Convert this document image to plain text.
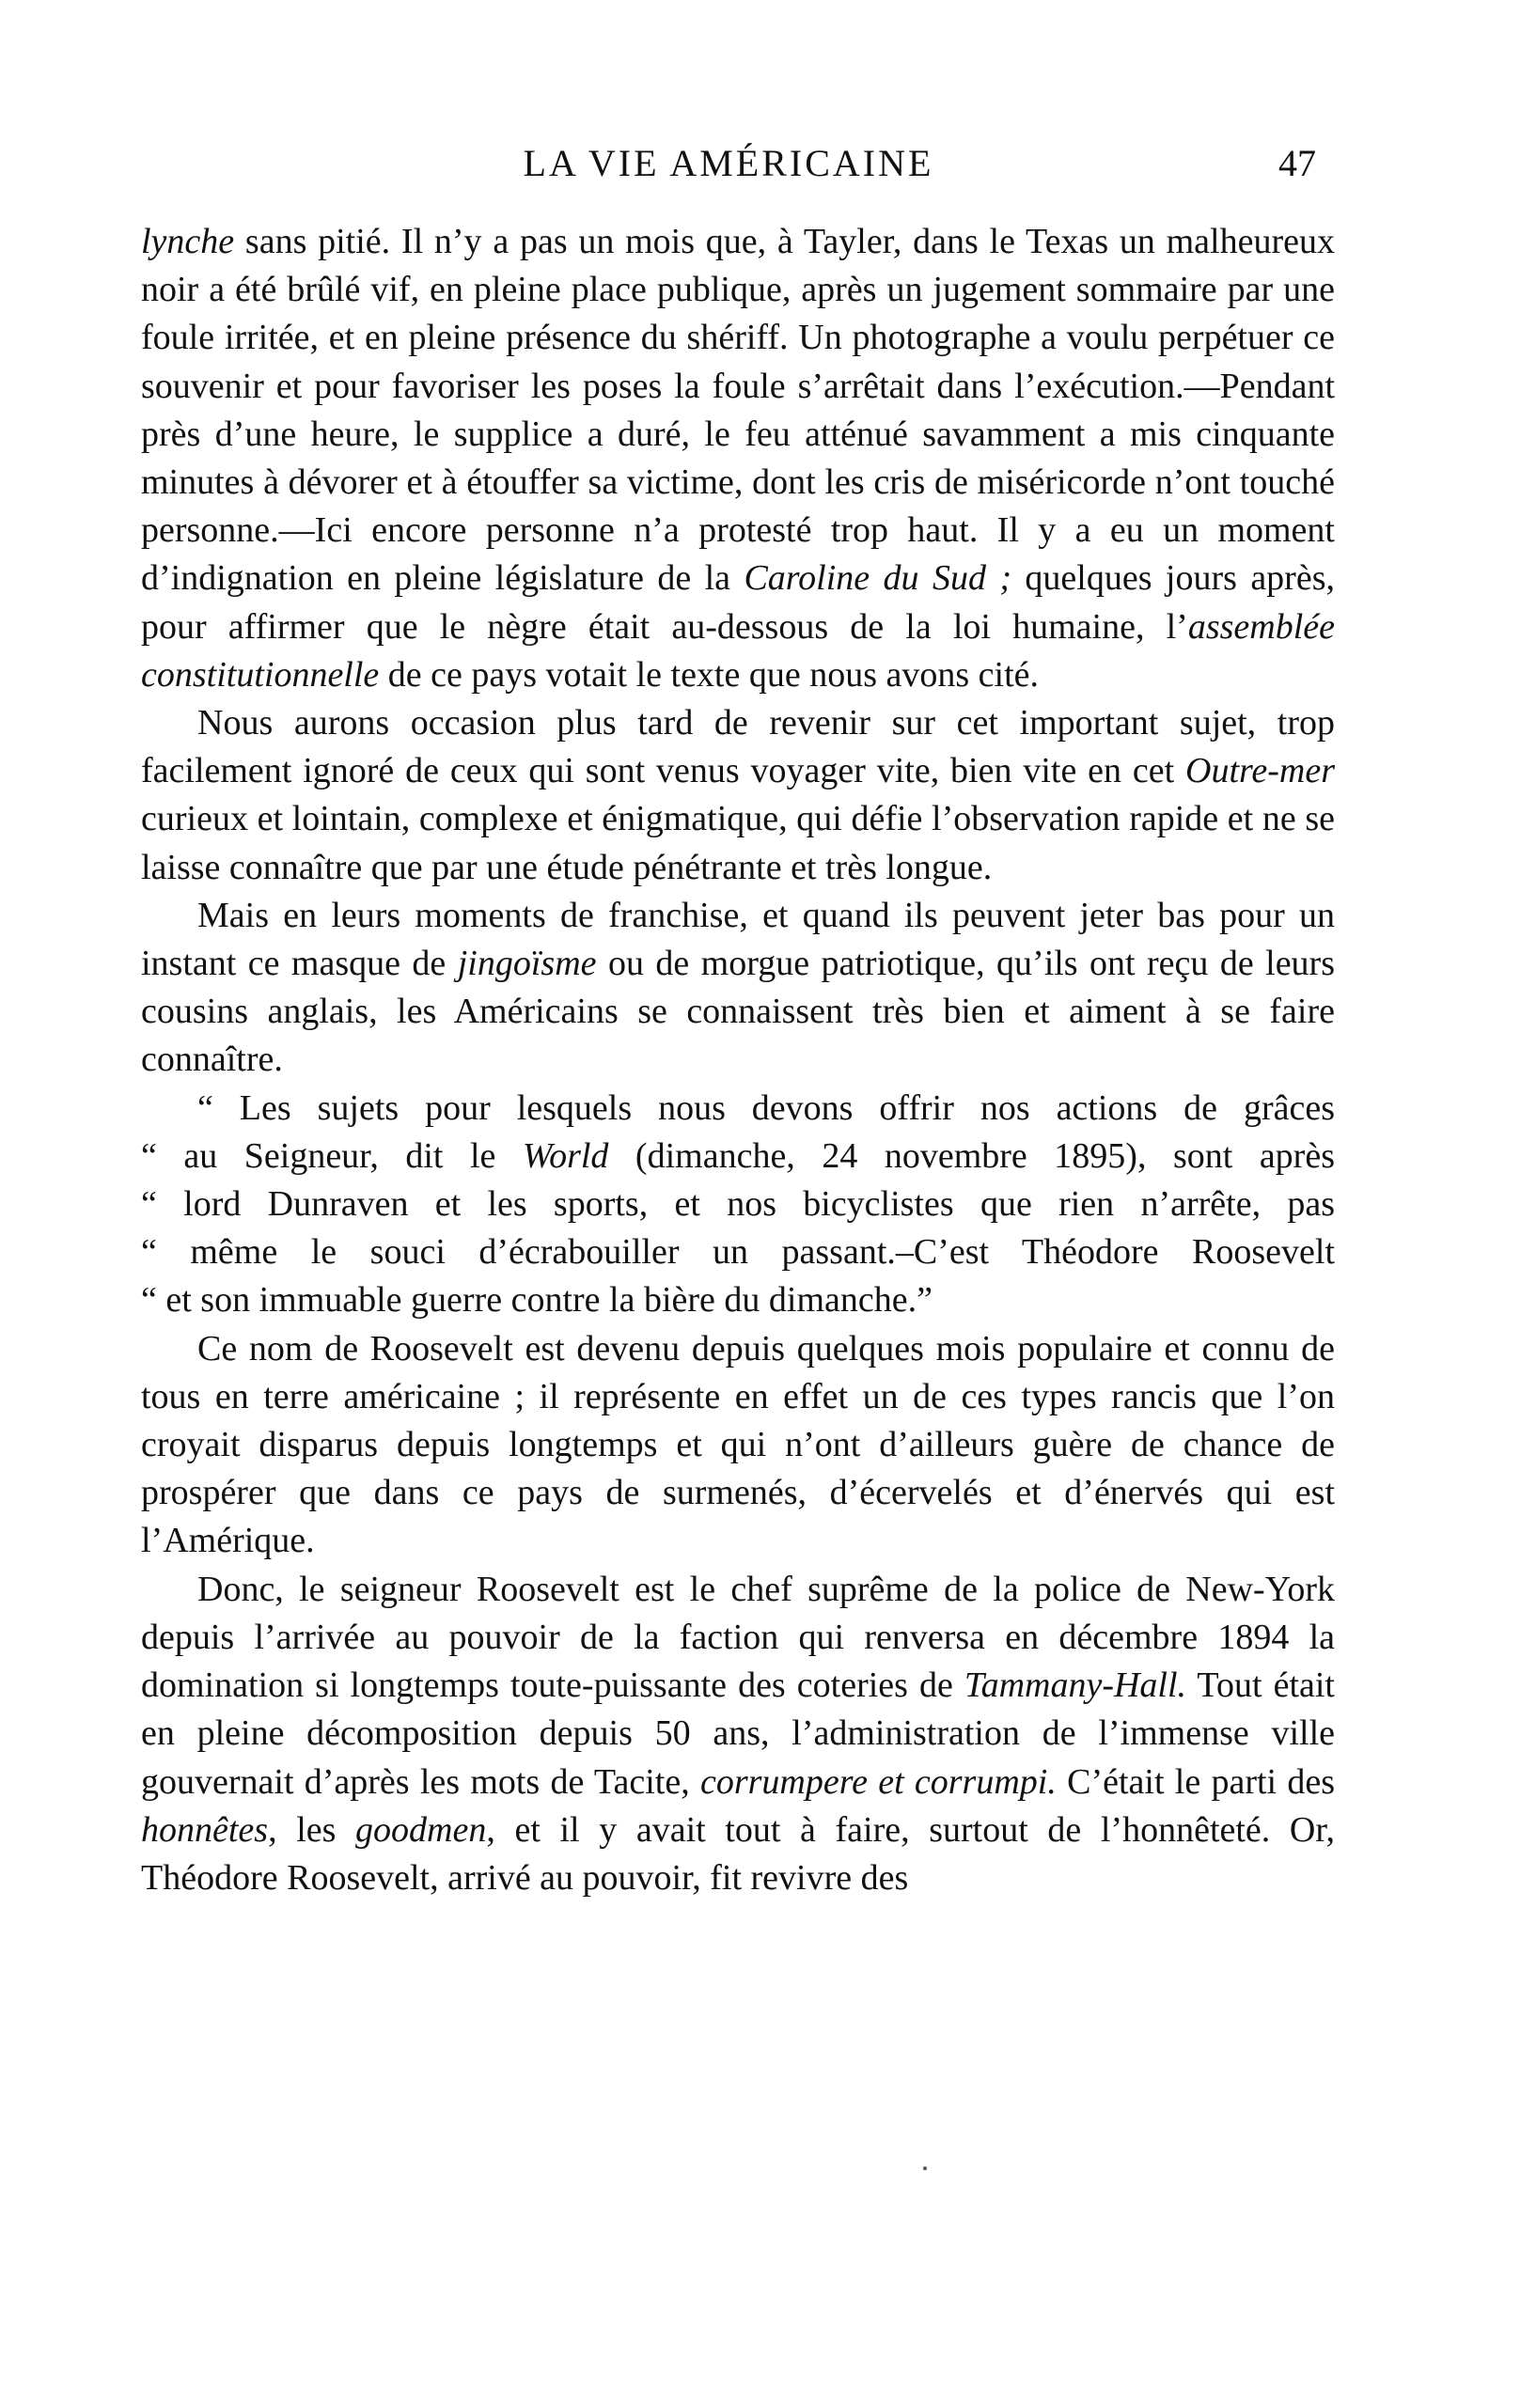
LA VIE AMÉRICAINE	47

lynche sans pitié. Il n’y a pas un mois que, à Tayler, dans le Texas un malheureux noir a été brûlé vif, en pleine place publique, après un jugement sommaire par une foule irritée, et en pleine présence du shériff. Un photographe a voulu perpétuer ce souvenir et pour favoriser les poses la foule s’arrêtait dans l’exécution.—Pendant près d’une heure, le supplice a duré, le feu atténué savamment a mis cinquante minutes à dévorer et à étouffer sa victime, dont les cris de miséricorde n’ont touché personne.—Ici encore personne n’a protesté trop haut. Il y a eu un moment d’indignation en pleine législature de la Caroline du Sud ; quelques jours après, pour affirmer que le nègre était au-dessous de la loi humaine, l’assemblée constitutionnelle de ce pays votait le texte que nous avons cité.

Nous aurons occasion plus tard de revenir sur cet important sujet, trop facilement ignoré de ceux qui sont venus voyager vite, bien vite en cet Outre-mer curieux et lointain, complexe et énigmatique, qui défie l’observation rapide et ne se laisse connaître que par une étude pénétrante et très longue.

Mais en leurs moments de franchise, et quand ils peuvent jeter bas pour un instant ce masque de jingoïsme ou de morgue patriotique, qu’ils ont reçu de leurs cousins anglais, les Américains se connaissent très bien et aiment à se faire connaître.

“ Les sujets pour lesquels nous devons offrir nos actions de grâces
“ au Seigneur, dit le World (dimanche, 24 novembre 1895), sont après
“ lord Dunraven et les sports, et nos bicyclistes que rien n’arrête, pas
“ même le souci d’écrabouiller un passant.–C’est Théodore Roosevelt
“ et son immuable guerre contre la bière du dimanche.”

Ce nom de Roosevelt est devenu depuis quelques mois populaire et connu de tous en terre américaine ; il représente en effet un de ces types rancis que l’on croyait disparus depuis longtemps et qui n’ont d’ailleurs guère de chance de prospérer que dans ce pays de surmenés, d’écervelés et d’énervés qui est l’Amérique.

Donc, le seigneur Roosevelt est le chef suprême de la police de New-York depuis l’arrivée au pouvoir de la faction qui renversa en décembre 1894 la domination si longtemps toute-puissante des coteries de Tammany-Hall. Tout était en pleine décomposition depuis 50 ans, l’administration de l’immense ville gouvernait d’après les mots de Tacite, corrumpere et corrumpi. C’était le parti des honnêtes, les goodmen, et il y avait tout à faire, surtout de l’honnêteté. Or, Théodore Roosevelt, arrivé au pouvoir, fit revivre des
